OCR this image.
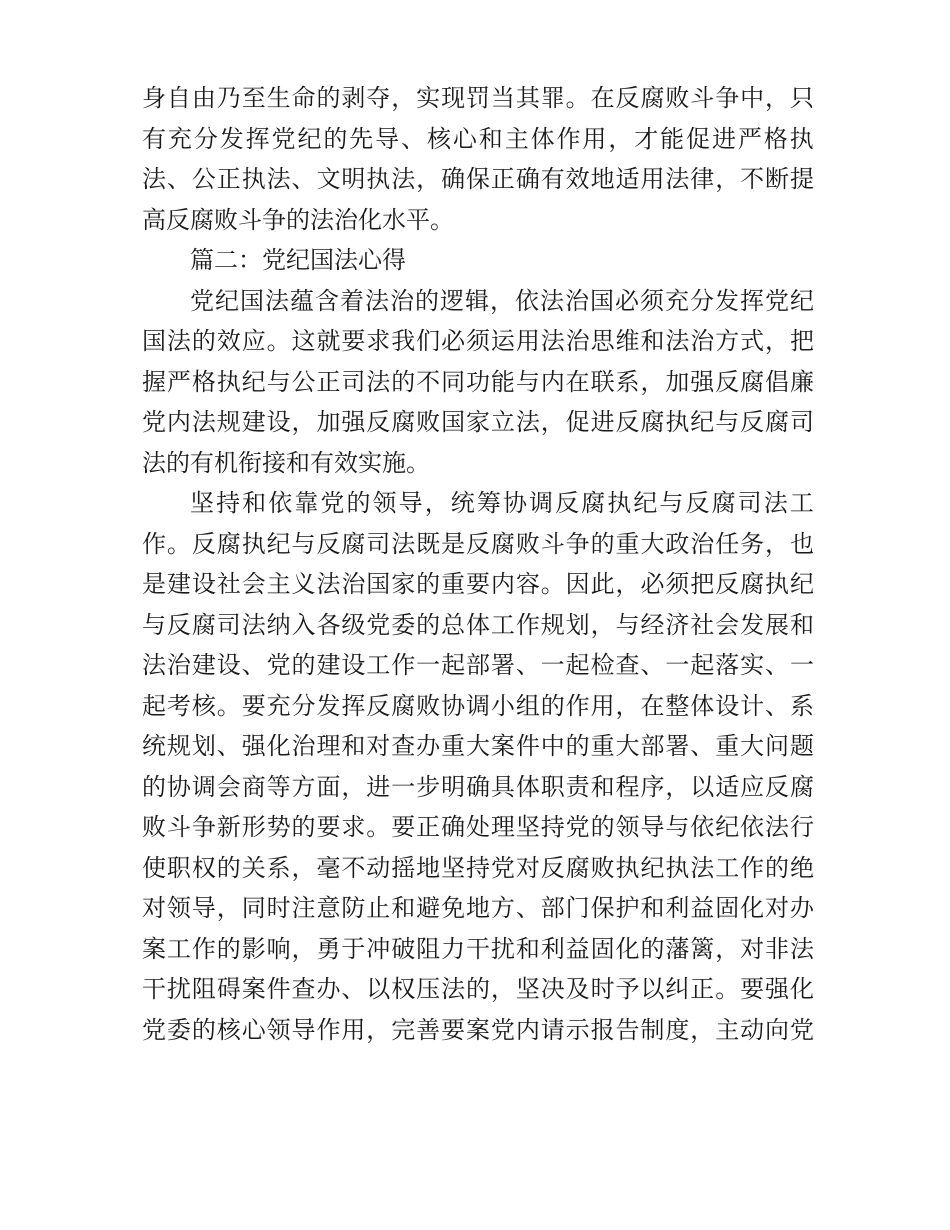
身 自 由 乃 至 生 命 的 剥 夺 ， 实 现 罚 当 其 罪 。 在 反 腐 败 斗 争 中 ， 只
有 充 分 发 挥 党 纪 的 先 导 、 核 心 和 主 体 作 用 ， 才 能 促 进 严 格 执
法 、 公 正 执 法 、 文 明 执 法 ， 确 保 正 确 有 效 地 适 用 法 律 ， 不 断 提
高反腐败斗争的法治化水平。
篇二：党纪国法心得
党 纪 国 法 蕴 含 着 法 治 的 逻 辑 ， 依 法 治 国 必 须 充 分 发 挥 党 纪
国 法 的 效 应 。 这 就 要 求 我 们 必 须 运 用 法 治 思 维 和 法 治 方 式 ， 把
握 严 格 执 纪 与 公 正 司 法 的 不 同 功 能 与 内 在 联 系 ， 加 强 反 腐 倡 廉
党 内 法 规 建 设 ， 加 强 反 腐 败 国 家 立 法 ， 促 进 反 腐 执 纪 与 反 腐 司
法的有机衔接和有效实施。
坚 持 和 依 靠 党 的 领 导 ， 统 筹 协 调 反 腐 执 纪 与 反 腐 司 法 工
作 。 反 腐 执 纪 与 反 腐 司 法 既 是 反 腐 败 斗 争 的 重 大 政 治 任 务 ， 也
是 建 设 社 会 主 义 法 治 国 家 的 重 要 内 容 。 因 此 ， 必 须 把 反 腐 执 纪
与 反 腐 司 法 纳 入 各 级 党 委 的 总 体 工 作 规 划 ， 与 经 济 社 会 发 展 和
法 治 建 设 、 党 的 建 设 工 作 一 起 部 署 、 一 起 检 查 、 一 起 落 实 、 一
起 考 核 。 要 充 分 发 挥 反 腐 败 协 调 小 组 的 作 用 ， 在 整 体 设 计 、 系
统 规 划 、 强 化 治 理 和 对 查 办 重 大 案 件 中 的 重 大 部 署 、 重 大 问 题
的 协 调 会 商 等 方 面 ， 进 一 步 明 确 具 体 职 责 和 程 序 ， 以 适 应 反 腐
败 斗 争 新 形 势 的 要 求 。 要 正 确 处 理 坚 持 党 的 领 导 与 依 纪 依 法 行
使 职 权 的 关 系 ， 毫 不 动 摇 地 坚 持 党 对 反 腐 败 执 纪 执 法 工 作 的 绝
对 领 导 ， 同 时 注 意 防 止 和 避 免 地 方 、 部 门 保 护 和 利 益 固 化 对 办
案 工 作 的 影 响 ， 勇 于 冲 破 阻 力 干 扰 和 利 益 固 化 的 藩 篱 ， 对 非 法
干 扰 阻 碍 案 件 查 办 、 以 权 压 法 的 ， 坚 决 及 时 予 以 纠 正 。 要 强 化
党 委 的 核 心 领 导 作 用 ， 完 善 要 案 党 内 请 示 报 告 制 度 ， 主 动 向 党
